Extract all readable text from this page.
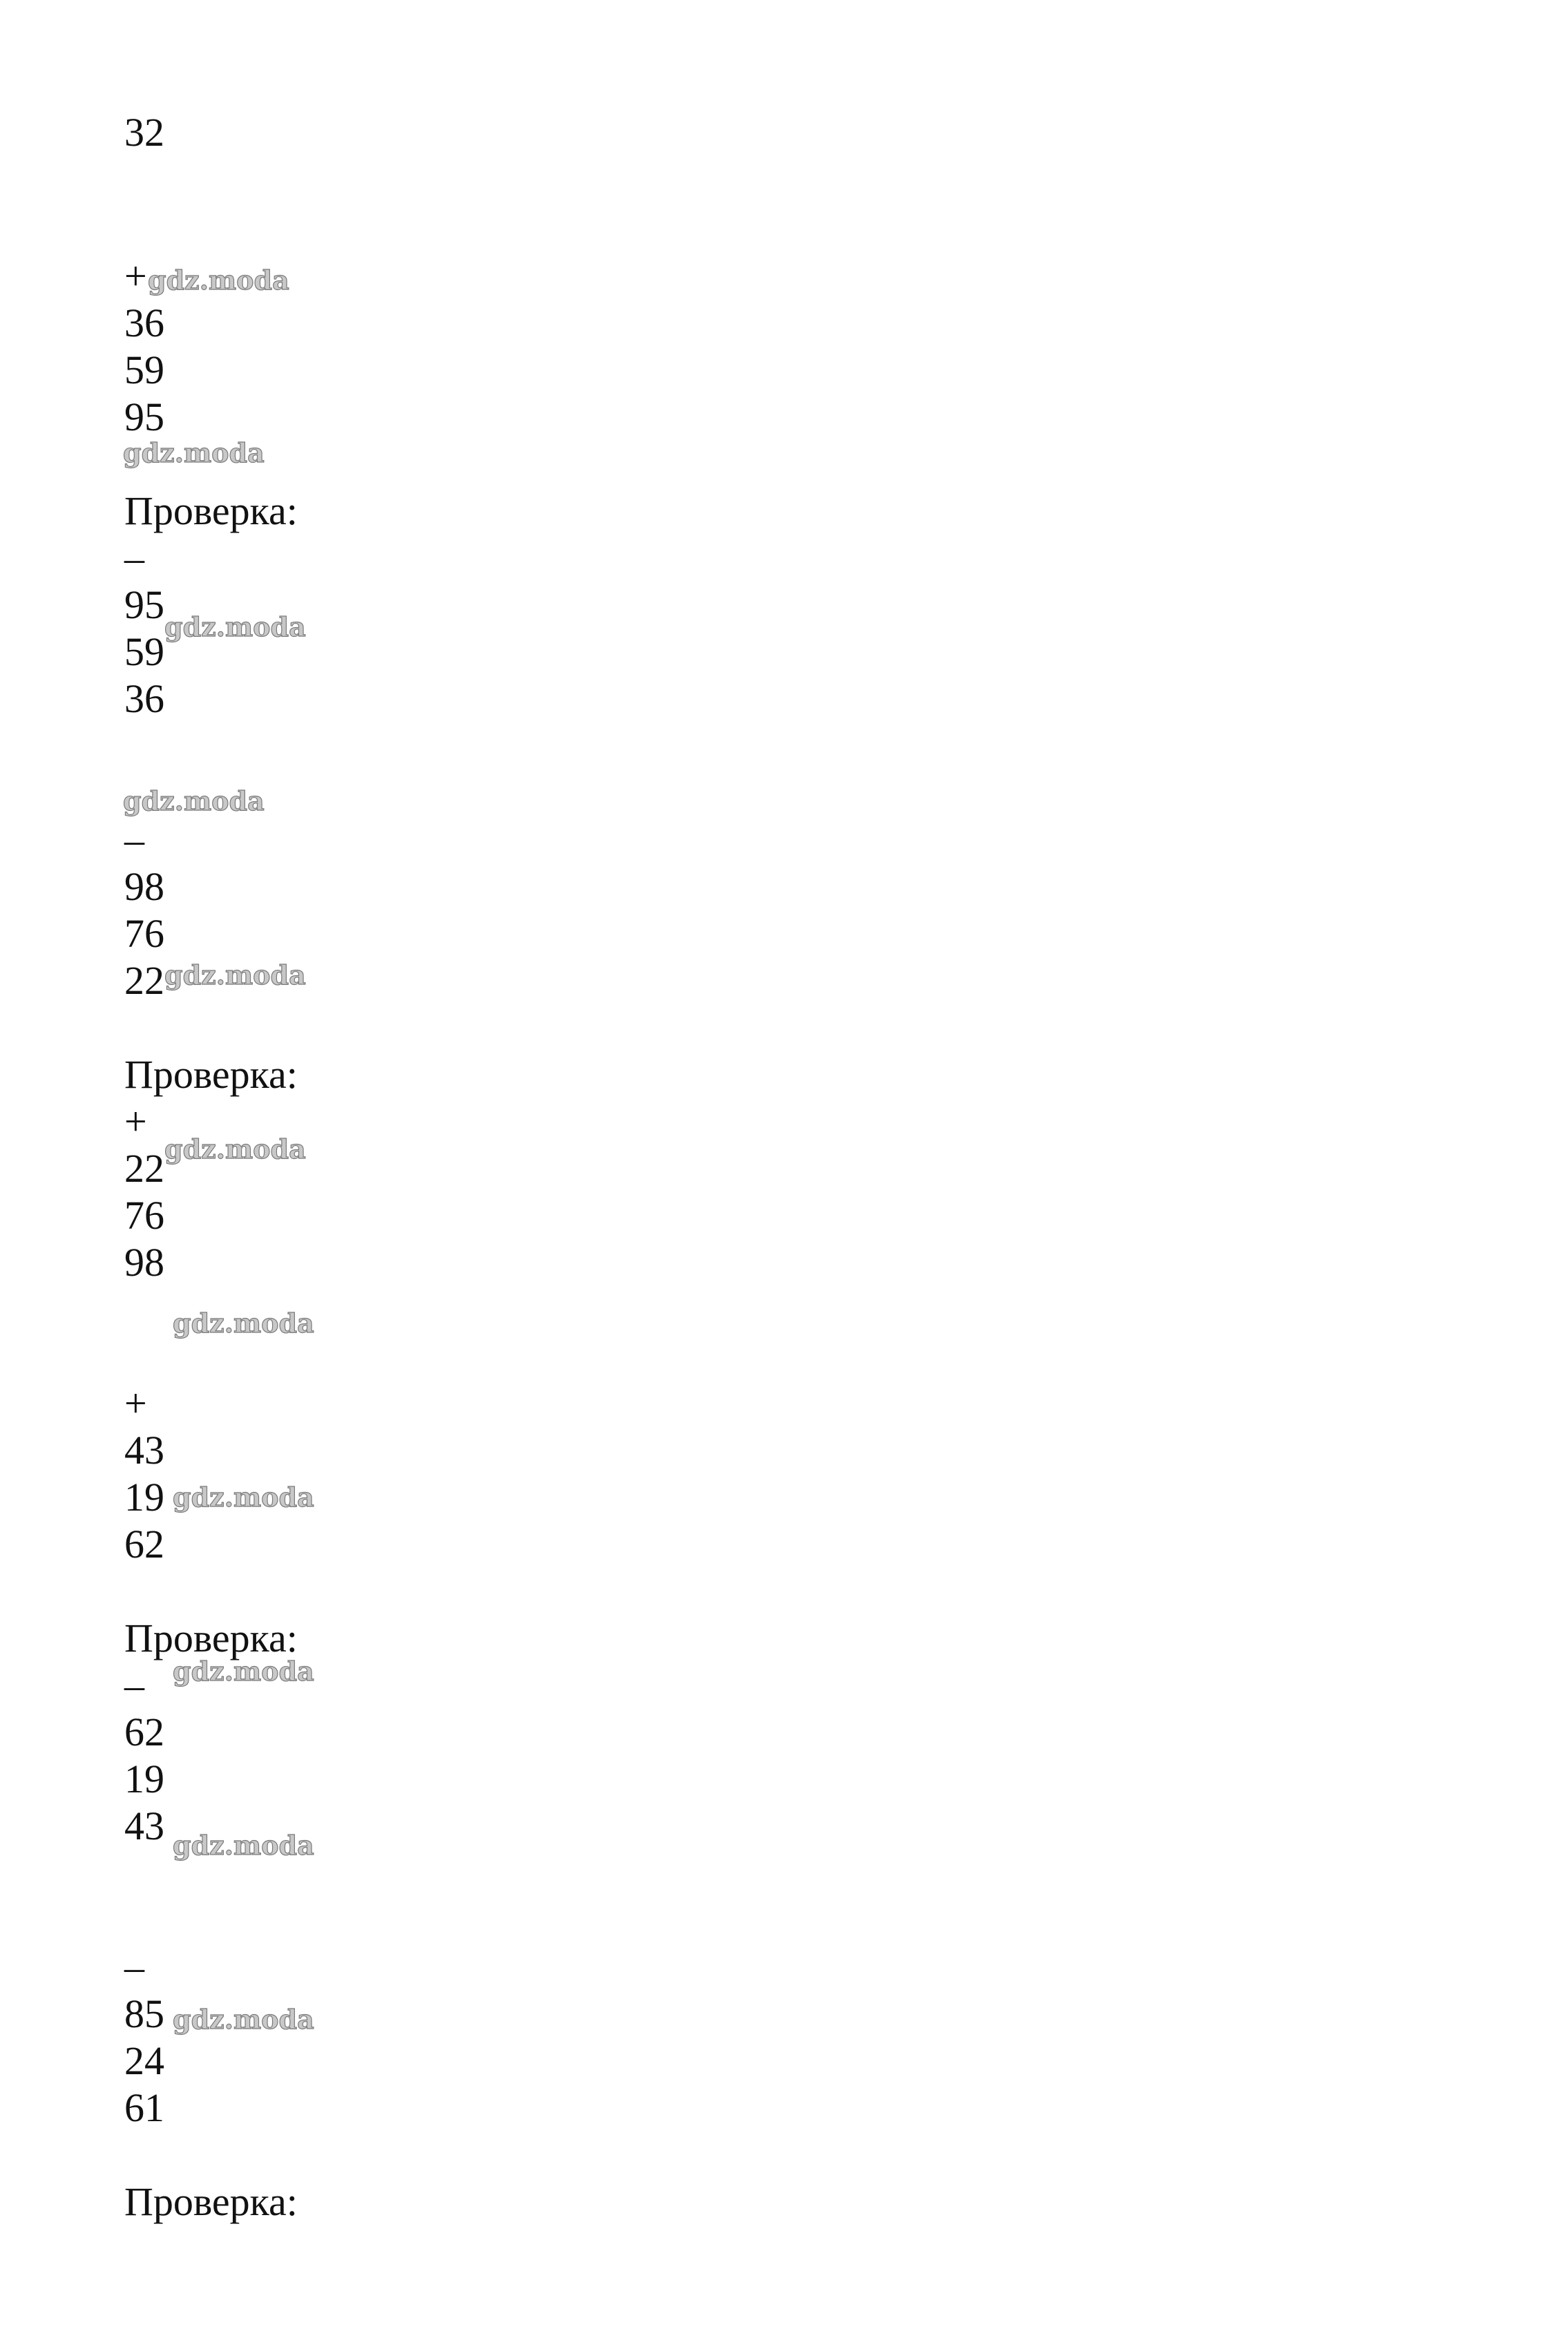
32
+
36
59
95
Проверка:
–
95
59
36
–
98
76
22
Проверка:
+
22
76
98
+
43
19
62
Проверка:
–
62
19
43
–
85
24
61
Проверка:
gdz.moda
gdz.moda
gdz.moda
gdz.moda
gdz.moda
gdz.moda
gdz.moda
gdz.moda
gdz.moda
gdz.moda
gdz.moda
